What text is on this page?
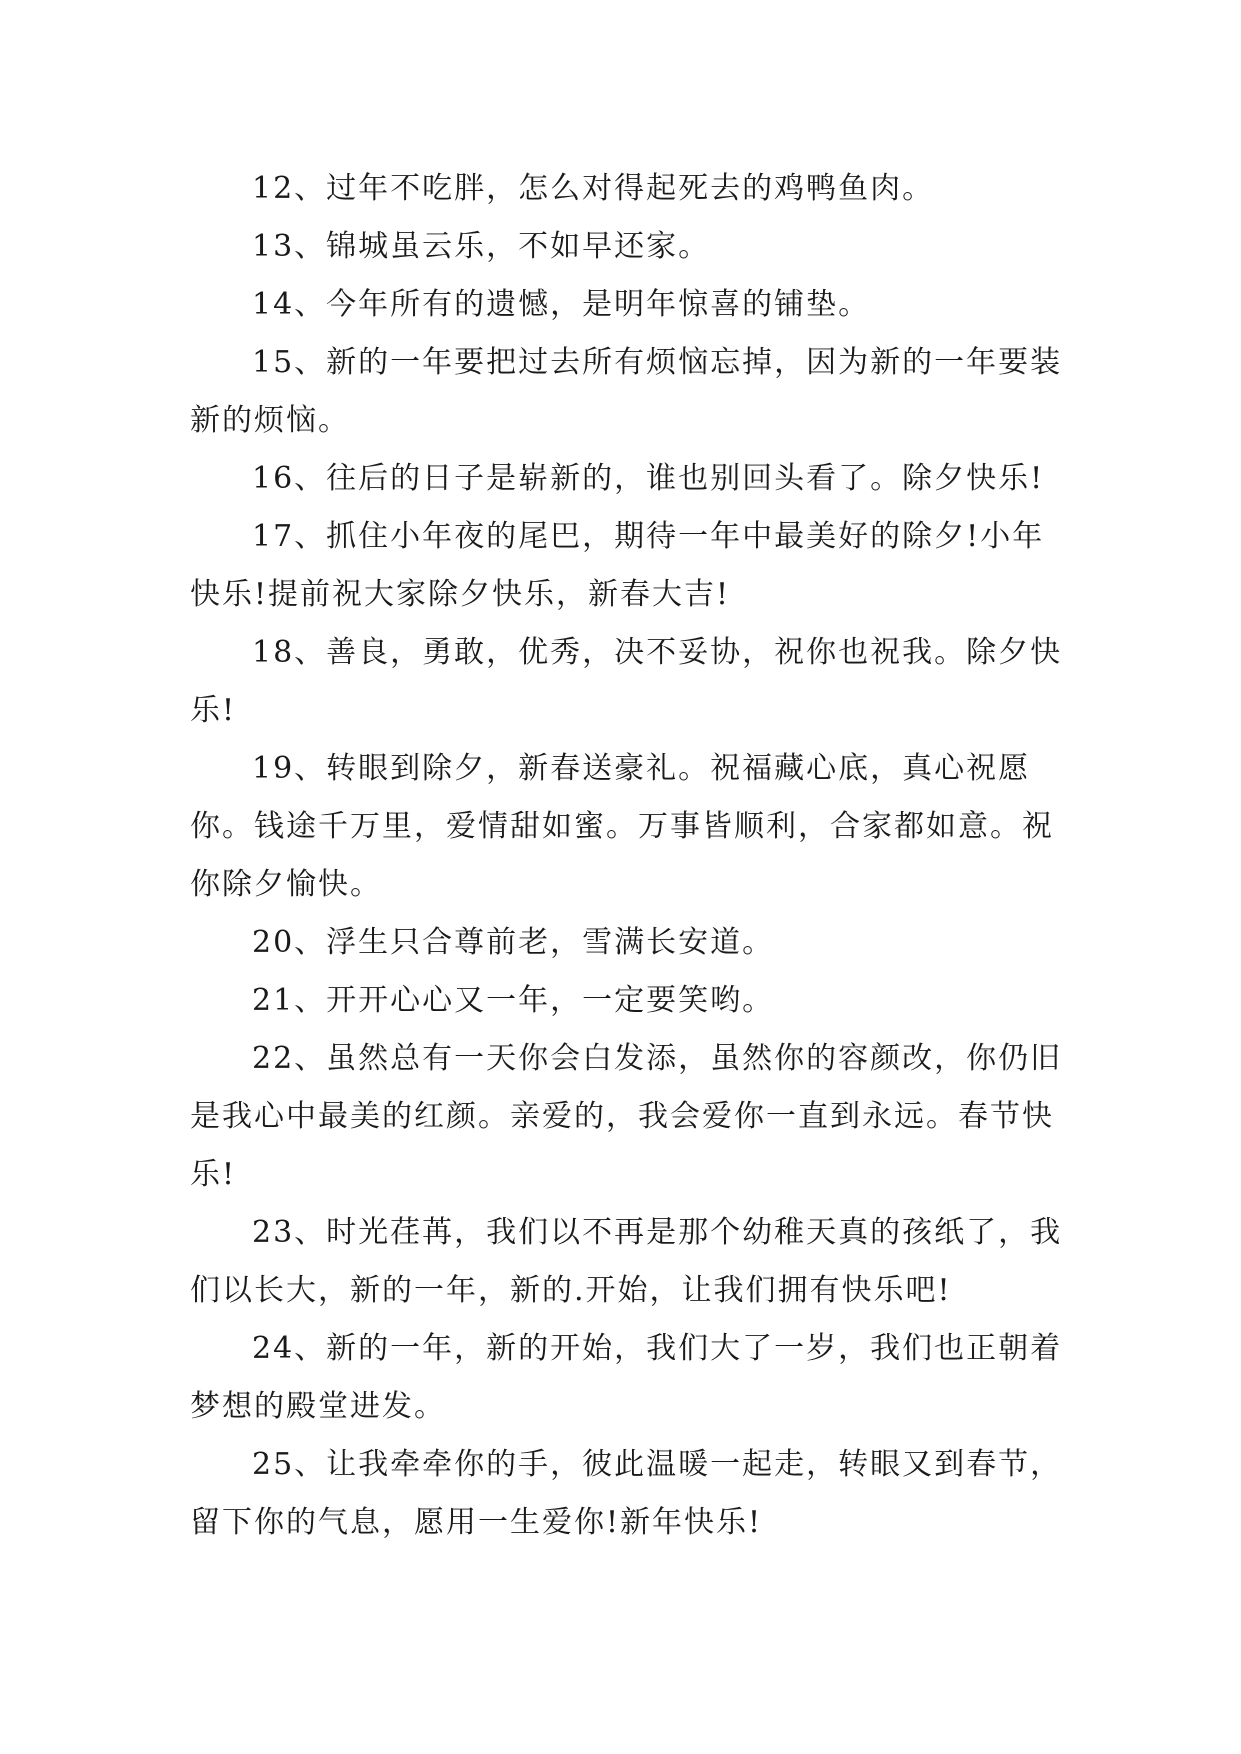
12、过年不吃胖，怎么对得起死去的鸡鸭鱼肉。

13、锦城虽云乐，不如早还家。

14、今年所有的遗憾，是明年惊喜的铺垫。

15、新的一年要把过去所有烦恼忘掉，因为新的一年要装新的烦恼。

16、往后的日子是崭新的，谁也别回头看了。除夕快乐!

17、抓住小年夜的尾巴，期待一年中最美好的除夕!小年快乐!提前祝大家除夕快乐，新春大吉!

18、善良，勇敢，优秀，决不妥协，祝你也祝我。除夕快乐!

19、转眼到除夕，新春送豪礼。祝福藏心底，真心祝愿你。钱途千万里，爱情甜如蜜。万事皆顺利，合家都如意。祝你除夕愉快。

20、浮生只合尊前老，雪满长安道。

21、开开心心又一年，一定要笑哟。

22、虽然总有一天你会白发添，虽然你的容颜改，你仍旧是我心中最美的红颜。亲爱的，我会爱你一直到永远。春节快乐!

23、时光荏苒，我们以不再是那个幼稚天真的孩纸了，我们以长大，新的一年，新的.开始，让我们拥有快乐吧!

24、新的一年，新的开始，我们大了一岁，我们也正朝着梦想的殿堂进发。

25、让我牵牵你的手，彼此温暖一起走，转眼又到春节，留下你的气息，愿用一生爱你!新年快乐!
